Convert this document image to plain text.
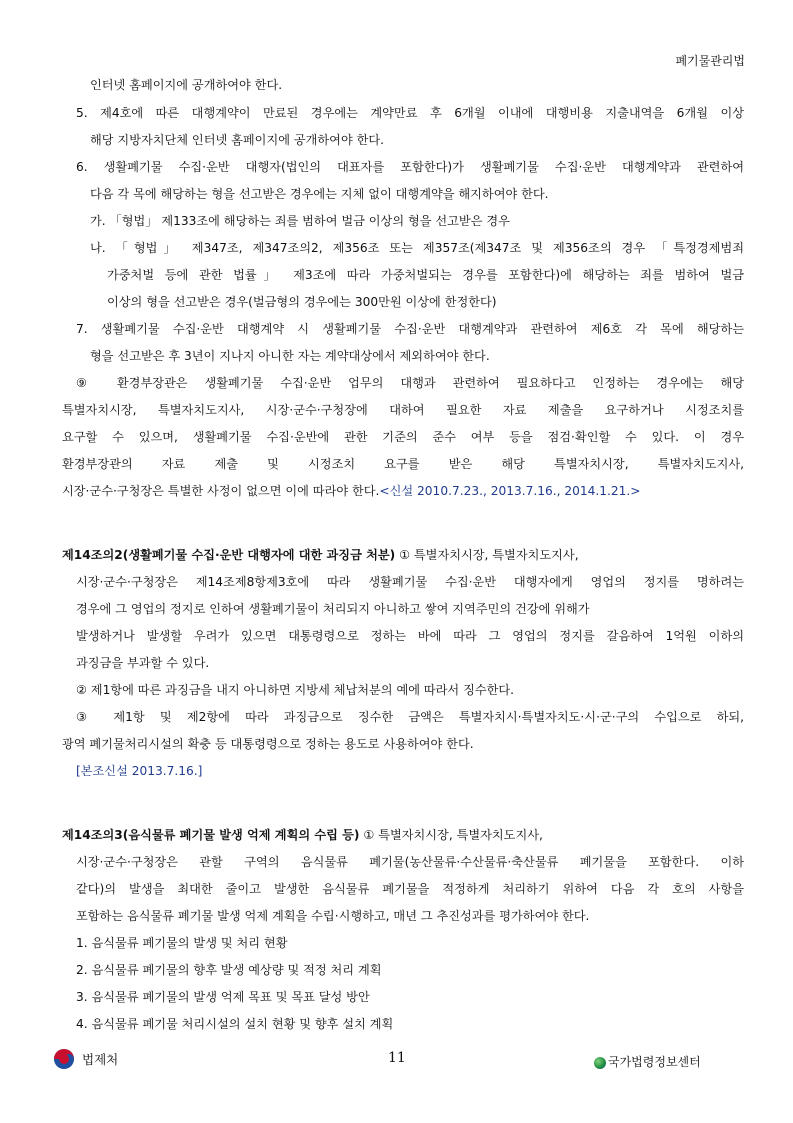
폐기물관리법
인터넷 홈페이지에 공개하여야 한다.
5. 제4호에 따른 대행계약이 만료된 경우에는 계약만료 후 6개월 이내에 대행비용 지출내역을 6개월 이상
해당 지방자치단체 인터넷 홈페이지에 공개하여야 한다.
6. 생활폐기물 수집·운반 대행자(법인의 대표자를 포함한다)가 생활폐기물 수집·운반 대행계약과 관련하여
다음 각 목에 해당하는 형을 선고받은 경우에는 지체 없이 대행계약을 해지하여야 한다.
가. 「형법」 제133조에 해당하는 죄를 범하여 벌금 이상의 형을 선고받은 경우
나. 「형법」 제347조, 제347조의2, 제356조 또는 제357조(제347조 및 제356조의 경우 「특정경제범죄
가중처벌 등에 관한 법률」 제3조에 따라 가중처벌되는 경우를 포함한다)에 해당하는 죄를 범하여 벌금
이상의 형을 선고받은 경우(벌금형의 경우에는 300만원 이상에 한정한다)
7. 생활폐기물 수집·운반 대행계약 시 생활폐기물 수집·운반 대행계약과 관련하여 제6호 각 목에 해당하는
형을 선고받은 후 3년이 지나지 아니한 자는 계약대상에서 제외하여야 한다.
⑨ 환경부장관은 생활폐기물 수집·운반 업무의 대행과 관련하여 필요하다고 인정하는 경우에는 해당
특별자치시장, 특별자치도지사, 시장·군수·구청장에 대하여 필요한 자료 제출을 요구하거나 시정조치를
요구할 수 있으며, 생활폐기물 수집·운반에 관한 기준의 준수 여부 등을 점검·확인할 수 있다. 이 경우
환경부장관의 자료 제출 및 시정조치 요구를 받은 해당 특별자치시장, 특별자치도지사,
시장·군수·구청장은 특별한 사정이 없으면 이에 따라야 한다.<신설 2010.7.23., 2013.7.16., 2014.1.21.>
제14조의2(생활폐기물 수집·운반 대행자에 대한 과징금 처분) ① 특별자치시장, 특별자치도지사,
시장·군수·구청장은 제14조제8항제3호에 따라 생활폐기물 수집·운반 대행자에게 영업의 정지를 명하려는
경우에 그 영업의 정지로 인하여 생활폐기물이 처리되지 아니하고 쌓여 지역주민의 건강에 위해가
발생하거나 발생할 우려가 있으면 대통령령으로 정하는 바에 따라 그 영업의 정지를 갈음하여 1억원 이하의
과징금을 부과할 수 있다.
② 제1항에 따른 과징금을 내지 아니하면 지방세 체납처분의 예에 따라서 징수한다.
③ 제1항 및 제2항에 따라 과징금으로 징수한 금액은 특별자치시·특별자치도·시·군·구의 수입으로 하되,
광역 폐기물처리시설의 확충 등 대통령령으로 정하는 용도로 사용하여야 한다.
[본조신설 2013.7.16.]
제14조의3(음식물류 폐기물 발생 억제 계획의 수립 등) ① 특별자치시장, 특별자치도지사,
시장·군수·구청장은 관할 구역의 음식물류 폐기물(농산물류·수산물류·축산물류 폐기물을 포함한다. 이하
같다)의 발생을 최대한 줄이고 발생한 음식물류 폐기물을 적정하게 처리하기 위하여 다음 각 호의 사항을
포함하는 음식물류 폐기물 발생 억제 계획을 수립·시행하고, 매년 그 추진성과를 평가하여야 한다.
1. 음식물류 폐기물의 발생 및 처리 현황
2. 음식물류 폐기물의 향후 발생 예상량 및 적정 처리 계획
3. 음식물류 폐기물의 발생 억제 목표 및 목표 달성 방안
4. 음식물류 폐기물 처리시설의 설치 현황 및 향후 설치 계획
법제처	11	국가법령정보센터
